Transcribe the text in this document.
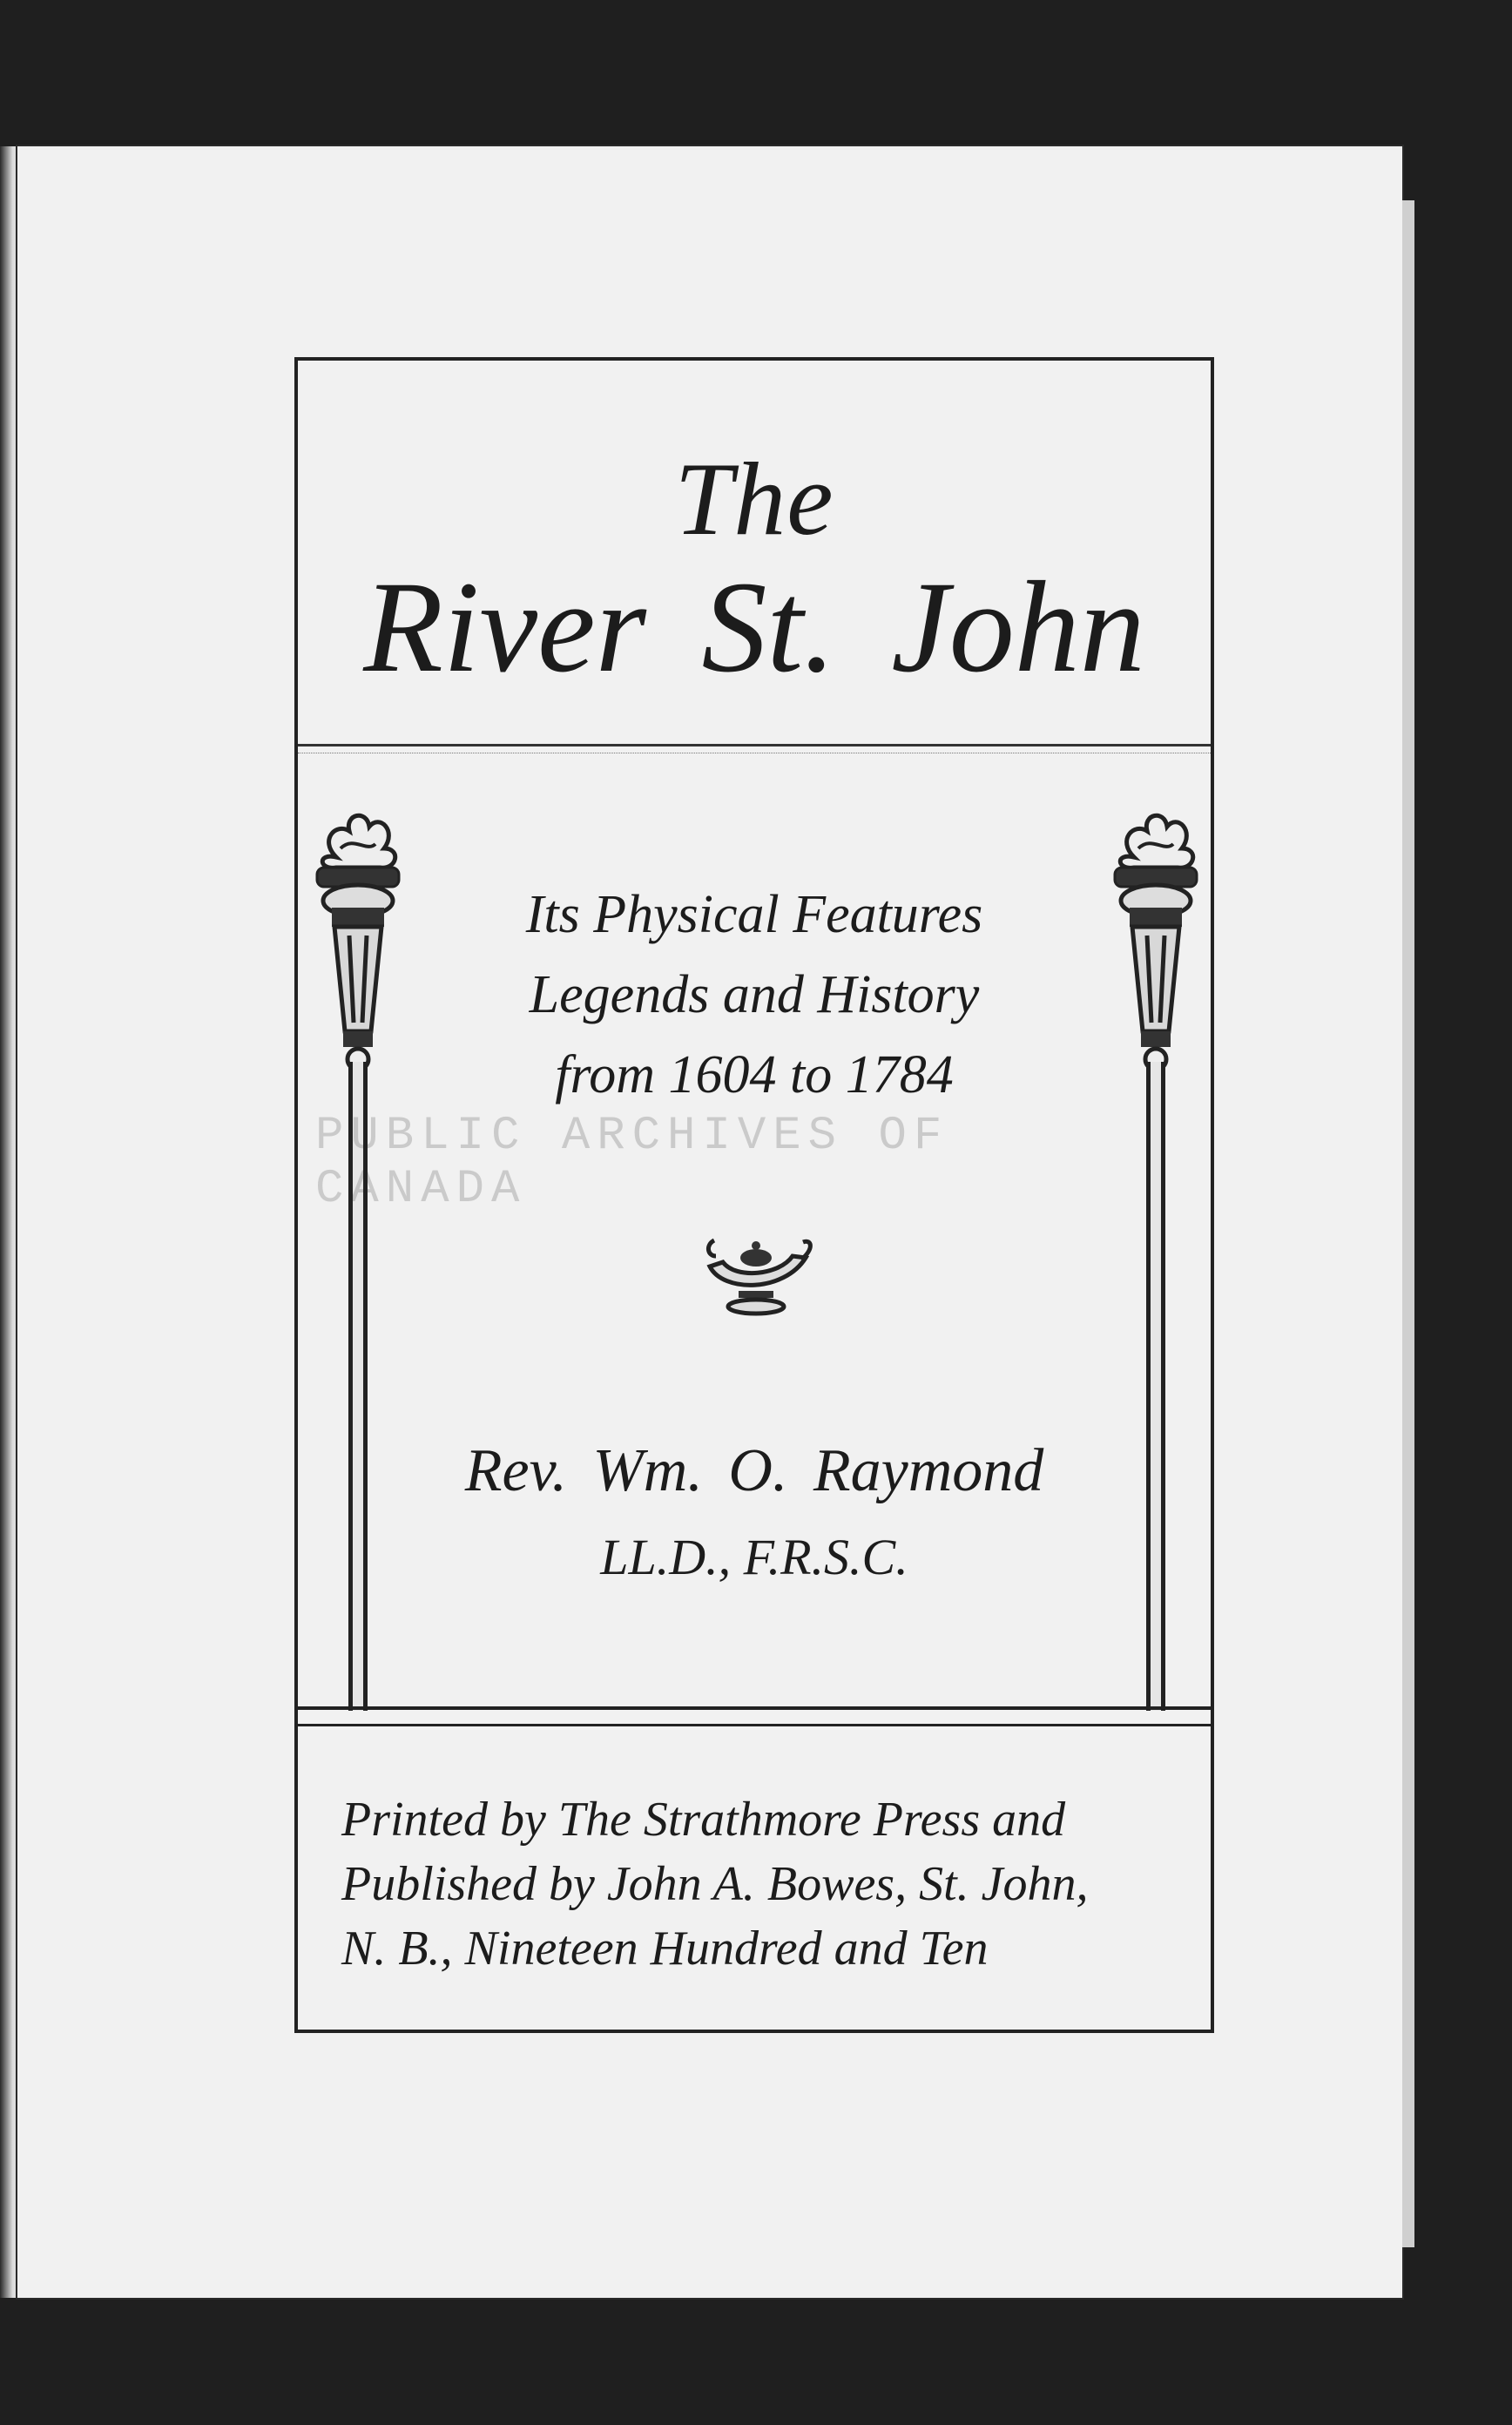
The
River St. John
Its Physical Features
Legends and History
from 1604 to 1784
PUBLIC ARCHIVES OF CANADA
Rev. Wm. O. Raymond
LL.D., F.R.S.C.
Printed by The Strathmore Press and
Published by John A. Bowes, St. John,
N. B., Nineteen Hundred and Ten
